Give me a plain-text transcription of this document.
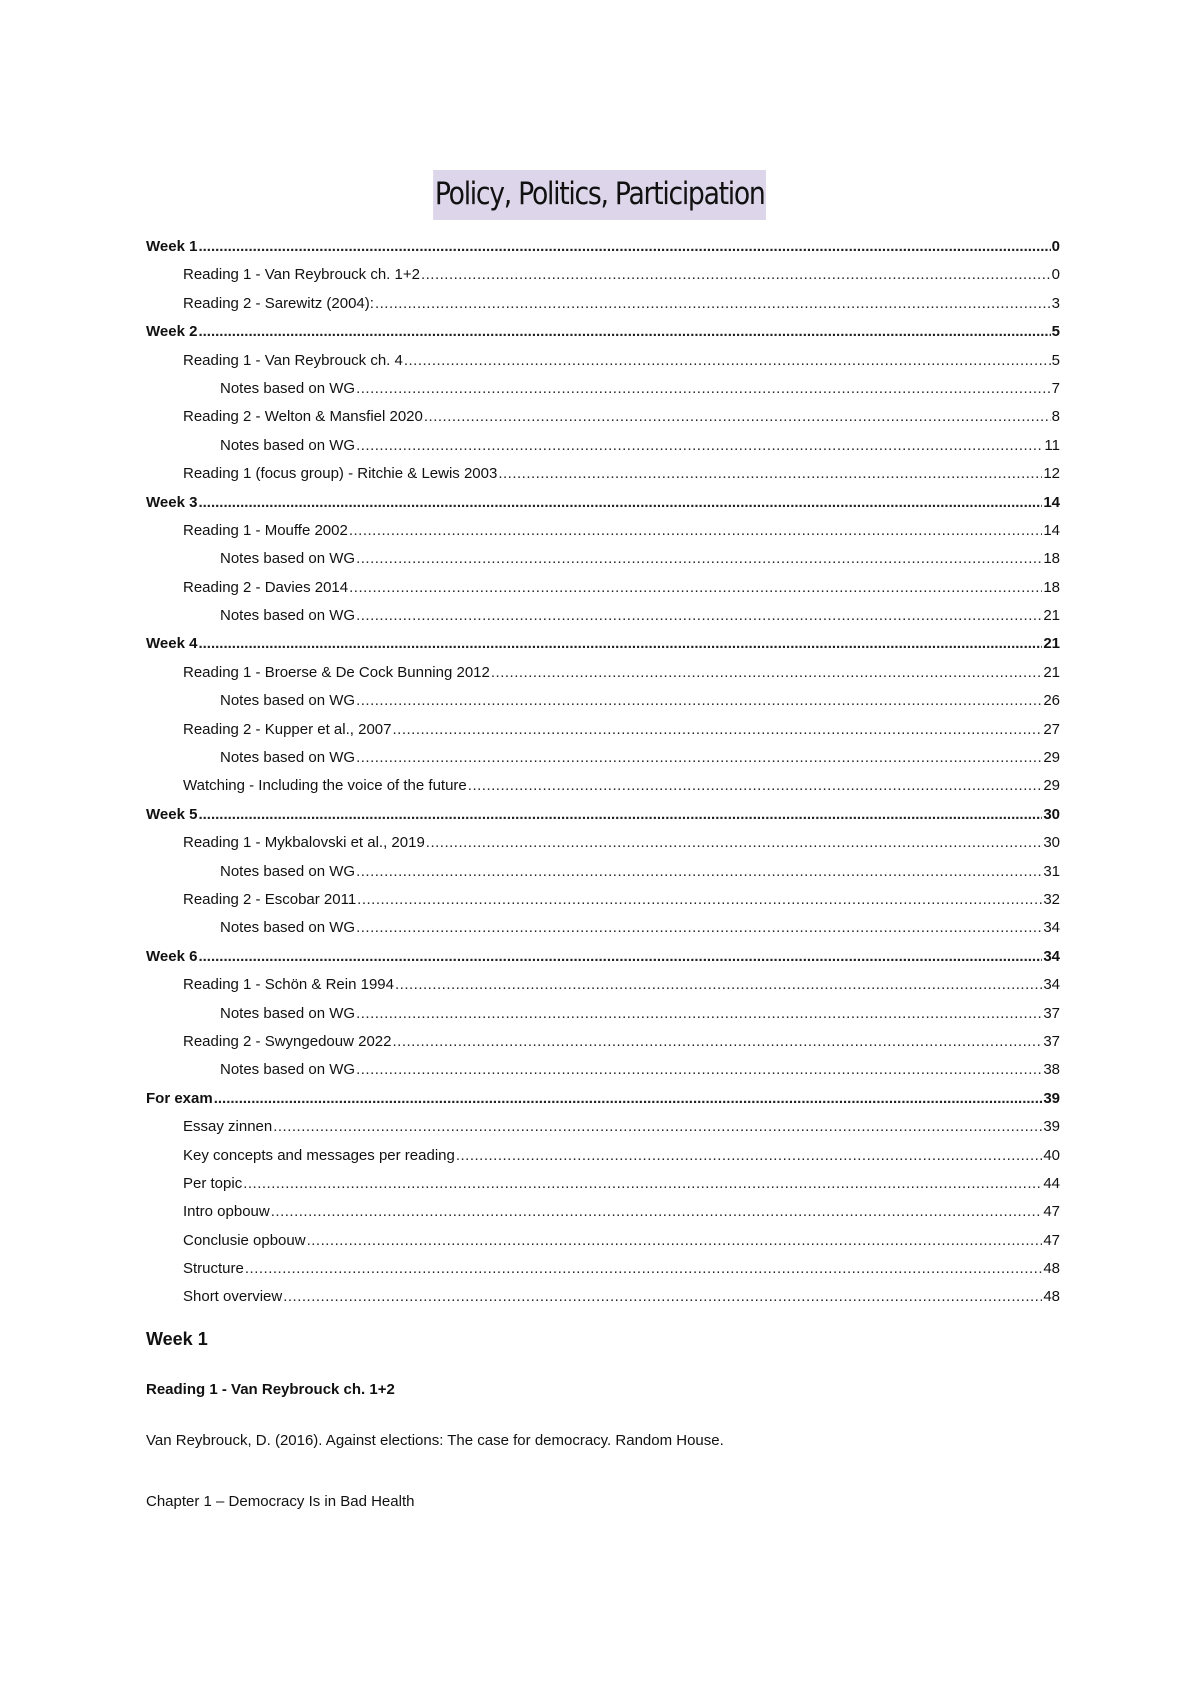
Policy, Politics, Participation
Week 1 .....	0
Reading 1 - Van Reybrouck ch. 1+2 .....	0
Reading 2 - Sarewitz (2004): .....	3
Week 2 .....	5
Reading 1 - Van Reybrouck ch. 4 .....	5
Notes based on WG .....	7
Reading 2 - Welton & Mansfiel 2020 .....	8
Notes based on WG .....	11
Reading 1 (focus group) - Ritchie & Lewis 2003 .....	12
Week 3 .....	14
Reading 1 - Mouffe 2002 .....	14
Notes based on WG .....	18
Reading 2 - Davies 2014 .....	18
Notes based on WG .....	21
Week 4 .....	21
Reading 1 - Broerse & De Cock Bunning 2012 .....	21
Notes based on WG .....	26
Reading 2 - Kupper et al., 2007 .....	27
Notes based on WG .....	29
Watching - Including the voice of the future .....	29
Week 5 .....	30
Reading 1 - Mykbalovski et al., 2019 .....	30
Notes based on WG .....	31
Reading 2 - Escobar 2011 .....	32
Notes based on WG .....	34
Week 6 .....	34
Reading 1 - Schön & Rein 1994 .....	34
Notes based on WG .....	37
Reading 2 - Swyngedouw 2022 .....	37
Notes based on WG .....	38
For exam .....	39
Essay zinnen .....	39
Key concepts and messages per reading .....	40
Per topic .....	44
Intro opbouw .....	47
Conclusie opbouw .....	47
Structure .....	48
Short overview .....	48
Week 1
Reading 1 - Van Reybrouck ch. 1+2
Van Reybrouck, D. (2016). Against elections: The case for democracy. Random House.
Chapter 1 – Democracy Is in Bad Health
